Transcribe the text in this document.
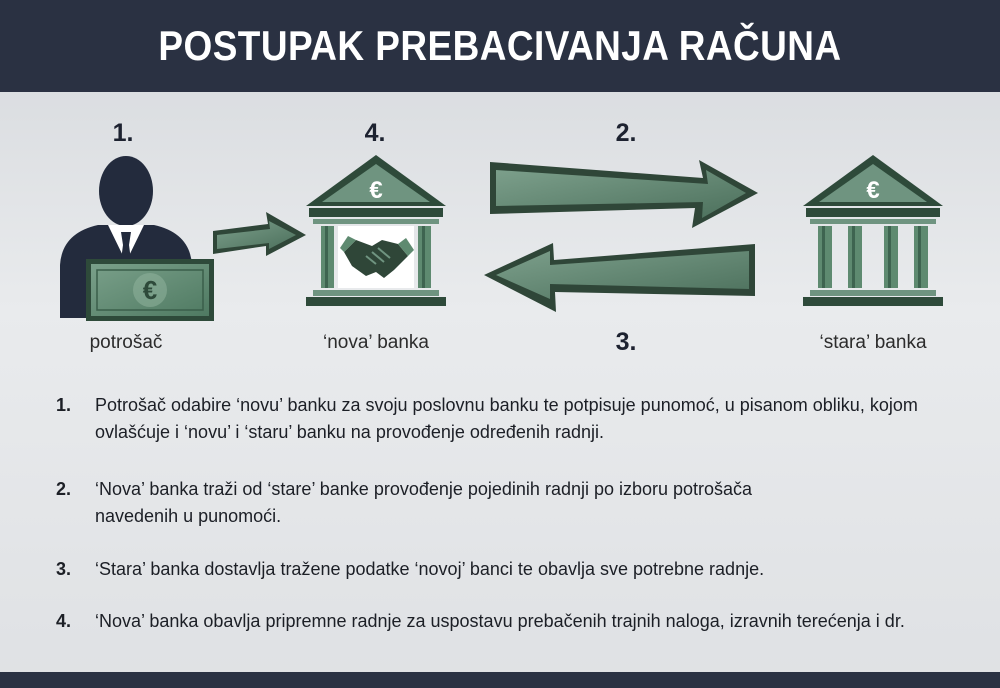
POSTUPAK PREBACIVANJA RAČUNA
1.	4.	2.
3.
€
€	€
potrošač	‘nova’ banka	‘stara’ banka
1.	Potrošač odabire ‘novu’ banku za svoju poslovnu banku te potpisuje punomoć, u pisanom obliku, kojom
ovlašćuje i ‘novu’ i ‘staru’ banku na provođenje određenih radnji.
2.	‘Nova’ banka traži od ‘stare’ banke provođenje pojedinih radnji po izboru potrošača
navedenih u punomoći.
3.	‘Stara’ banka dostavlja tražene podatke ‘novoj’ banci te obavlja sve potrebne radnje.
4.	‘Nova’ banka obavlja pripremne radnje za uspostavu prebačenih trajnih naloga, izravnih terećenja i dr.
